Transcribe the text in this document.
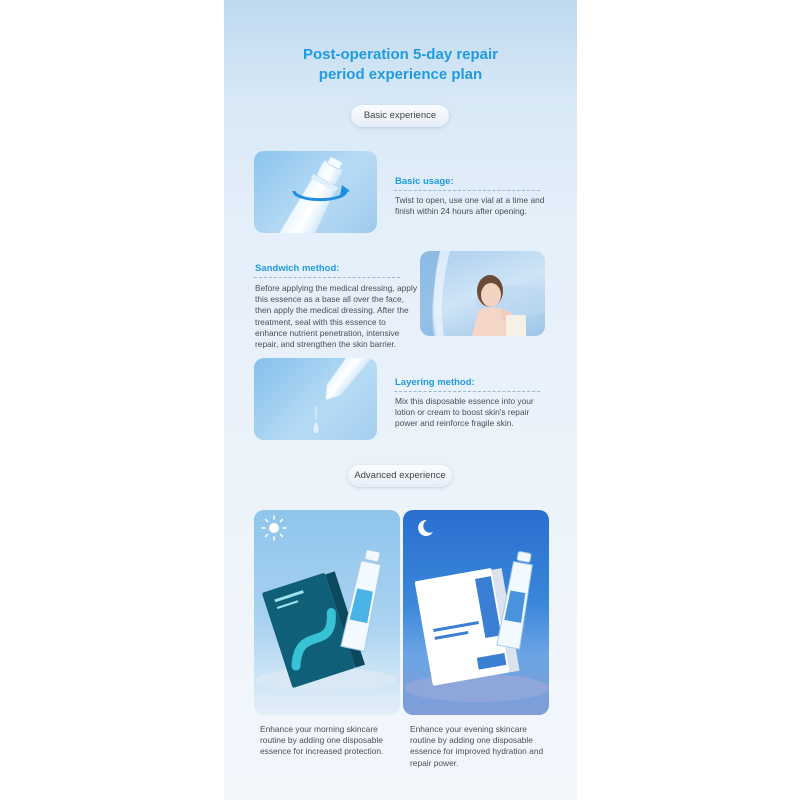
Post-operation 5-day repair
period experience plan
Basic experience
Basic usage:
Twist to open, use one vial at a time and
finish within 24 hours after opening.
Sandwich method:
Before applying the medical dressing, apply
this essence as a base all over the face,
then apply the medical dressing. After the
treatment, seal with this essence to
enhance nutrient penetration, intensive
repair, and strengthen the skin barrier.
Layering method:
Mix this disposable essence into your
lotion or cream to boost skin's repair
power and reinforce fragile skin.
Advanced experience
Enhance your morning skincare
routine by adding one disposable
essence for increased protection.
Enhance your evening skincare
routine by adding one disposable
essence for improved hydration and
repair power.
